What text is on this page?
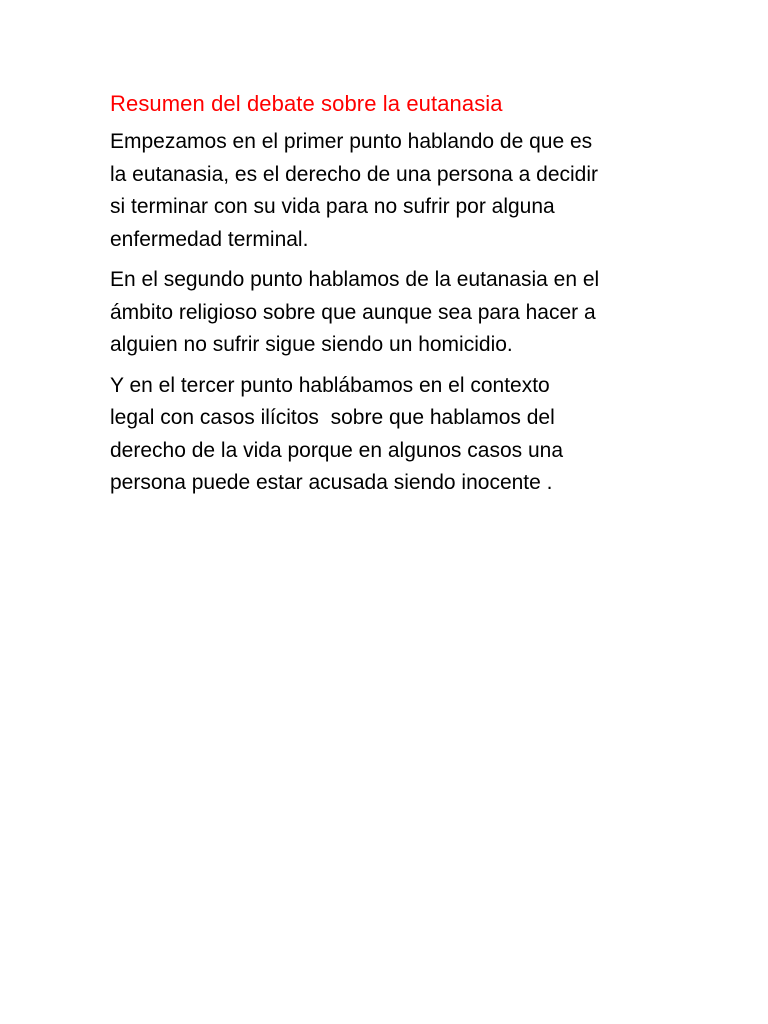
Resumen del debate sobre la eutanasia

Empezamos en el primer punto hablando de que es
la eutanasia, es el derecho de una persona a decidir
si terminar con su vida para no sufrir por alguna
enfermedad terminal.

En el segundo punto hablamos de la eutanasia en el
ámbito religioso sobre que aunque sea para hacer a
alguien no sufrir sigue siendo un homicidio.

Y en el tercer punto hablábamos en el contexto
legal con casos ilícitos  sobre que hablamos del
derecho de la vida porque en algunos casos una
persona puede estar acusada siendo inocente .
